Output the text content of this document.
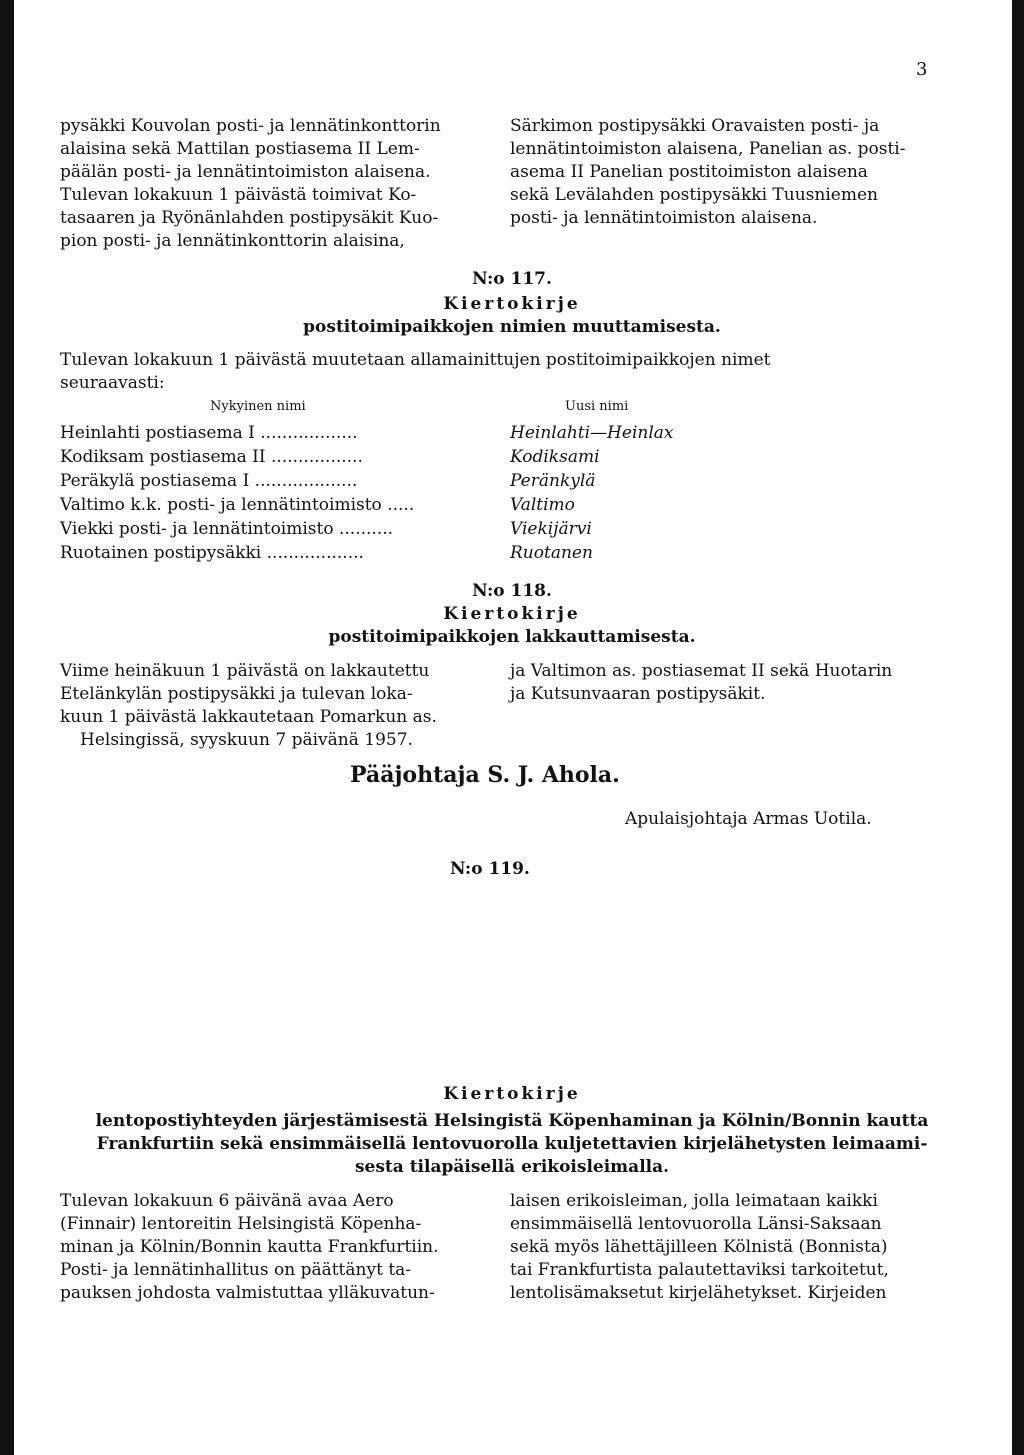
3
pysäkki Kouvolan posti- ja lennätinkonttorin
alaisina sekä Mattilan postiasema II Lem-
päälän posti- ja lennätintoimiston alaisena.
Tulevan lokakuun 1 päivästä toimivat Ko-
tasaaren ja Ryönänlahden postipysäkit Kuo-
pion posti- ja lennätinkonttorin alaisina,
Särkimon postipysäkki Oravaisten posti- ja
lennätintoimiston alaisena, Panelian as. posti-
asema II Panelian postitoimiston alaisena
sekä Levälahden postipysäkki Tuusniemen
posti- ja lennätintoimiston alaisena.
N:o 117.
Kiertokirje
postitoimipaikkojen nimien muuttamisesta.
Tulevan lokakuun 1 päivästä muutetaan allamainittujen postitoimipaikkojen nimet
seuraavasti:
Nykyinen nimi	Uusi nimi
Heinlahti postiasema I ..................	Heinlahti—Heinlax
Kodiksam postiasema II .................	Kodiksami
Peräkylä postiasema I ...................	Peränkylä
Valtimo k.k. posti- ja lennätintoimisto .....	Valtimo
Viekki posti- ja lennätintoimisto ..........	Viekijärvi
Ruotainen postipysäkki ..................	Ruotanen
N:o 118.
Kiertokirje
postitoimipaikkojen lakkauttamisesta.
Viime heinäkuun 1 päivästä on lakkautettu
Etelänkylän postipysäkki ja tulevan loka-
kuun 1 päivästä lakkautetaan Pomarkun as.
Helsingissä, syyskuun 7 päivänä 1957.
ja Valtimon as. postiasemat II sekä Huotarin
ja Kutsunvaaran postipysäkit.
Pääjohtaja S. J. Ahola.
Apulaisjohtaja Armas Uotila.
N:o 119.
Kiertokirje
lentopostiyhteyden järjestämisestä Helsingistä Köpenhaminan ja Kölnin/Bonnin kautta
Frankfurtiin sekä ensimmäisellä lentovuorolla kuljetettavien kirjelähetysten leimaami-
sesta tilapäisellä erikoisleimalla.
Tulevan lokakuun 6 päivänä avaa Aero
(Finnair) lentoreitin Helsingistä Köpenha-
minan ja Kölnin/Bonnin kautta Frankfurtiin.
Posti- ja lennätinhallitus on päättänyt ta-
pauksen johdosta valmistuttaa ylläkuvatun-
laisen erikoisleiman, jolla leimataan kaikki
ensimmäisellä lentovuorolla Länsi-Saksaan
sekä myös lähettäjilleen Kölnistä (Bonnista)
tai Frankfurtista palautettaviksi tarkoitetut,
lentolisämaksetut kirjelähetykset. Kirjeiden
